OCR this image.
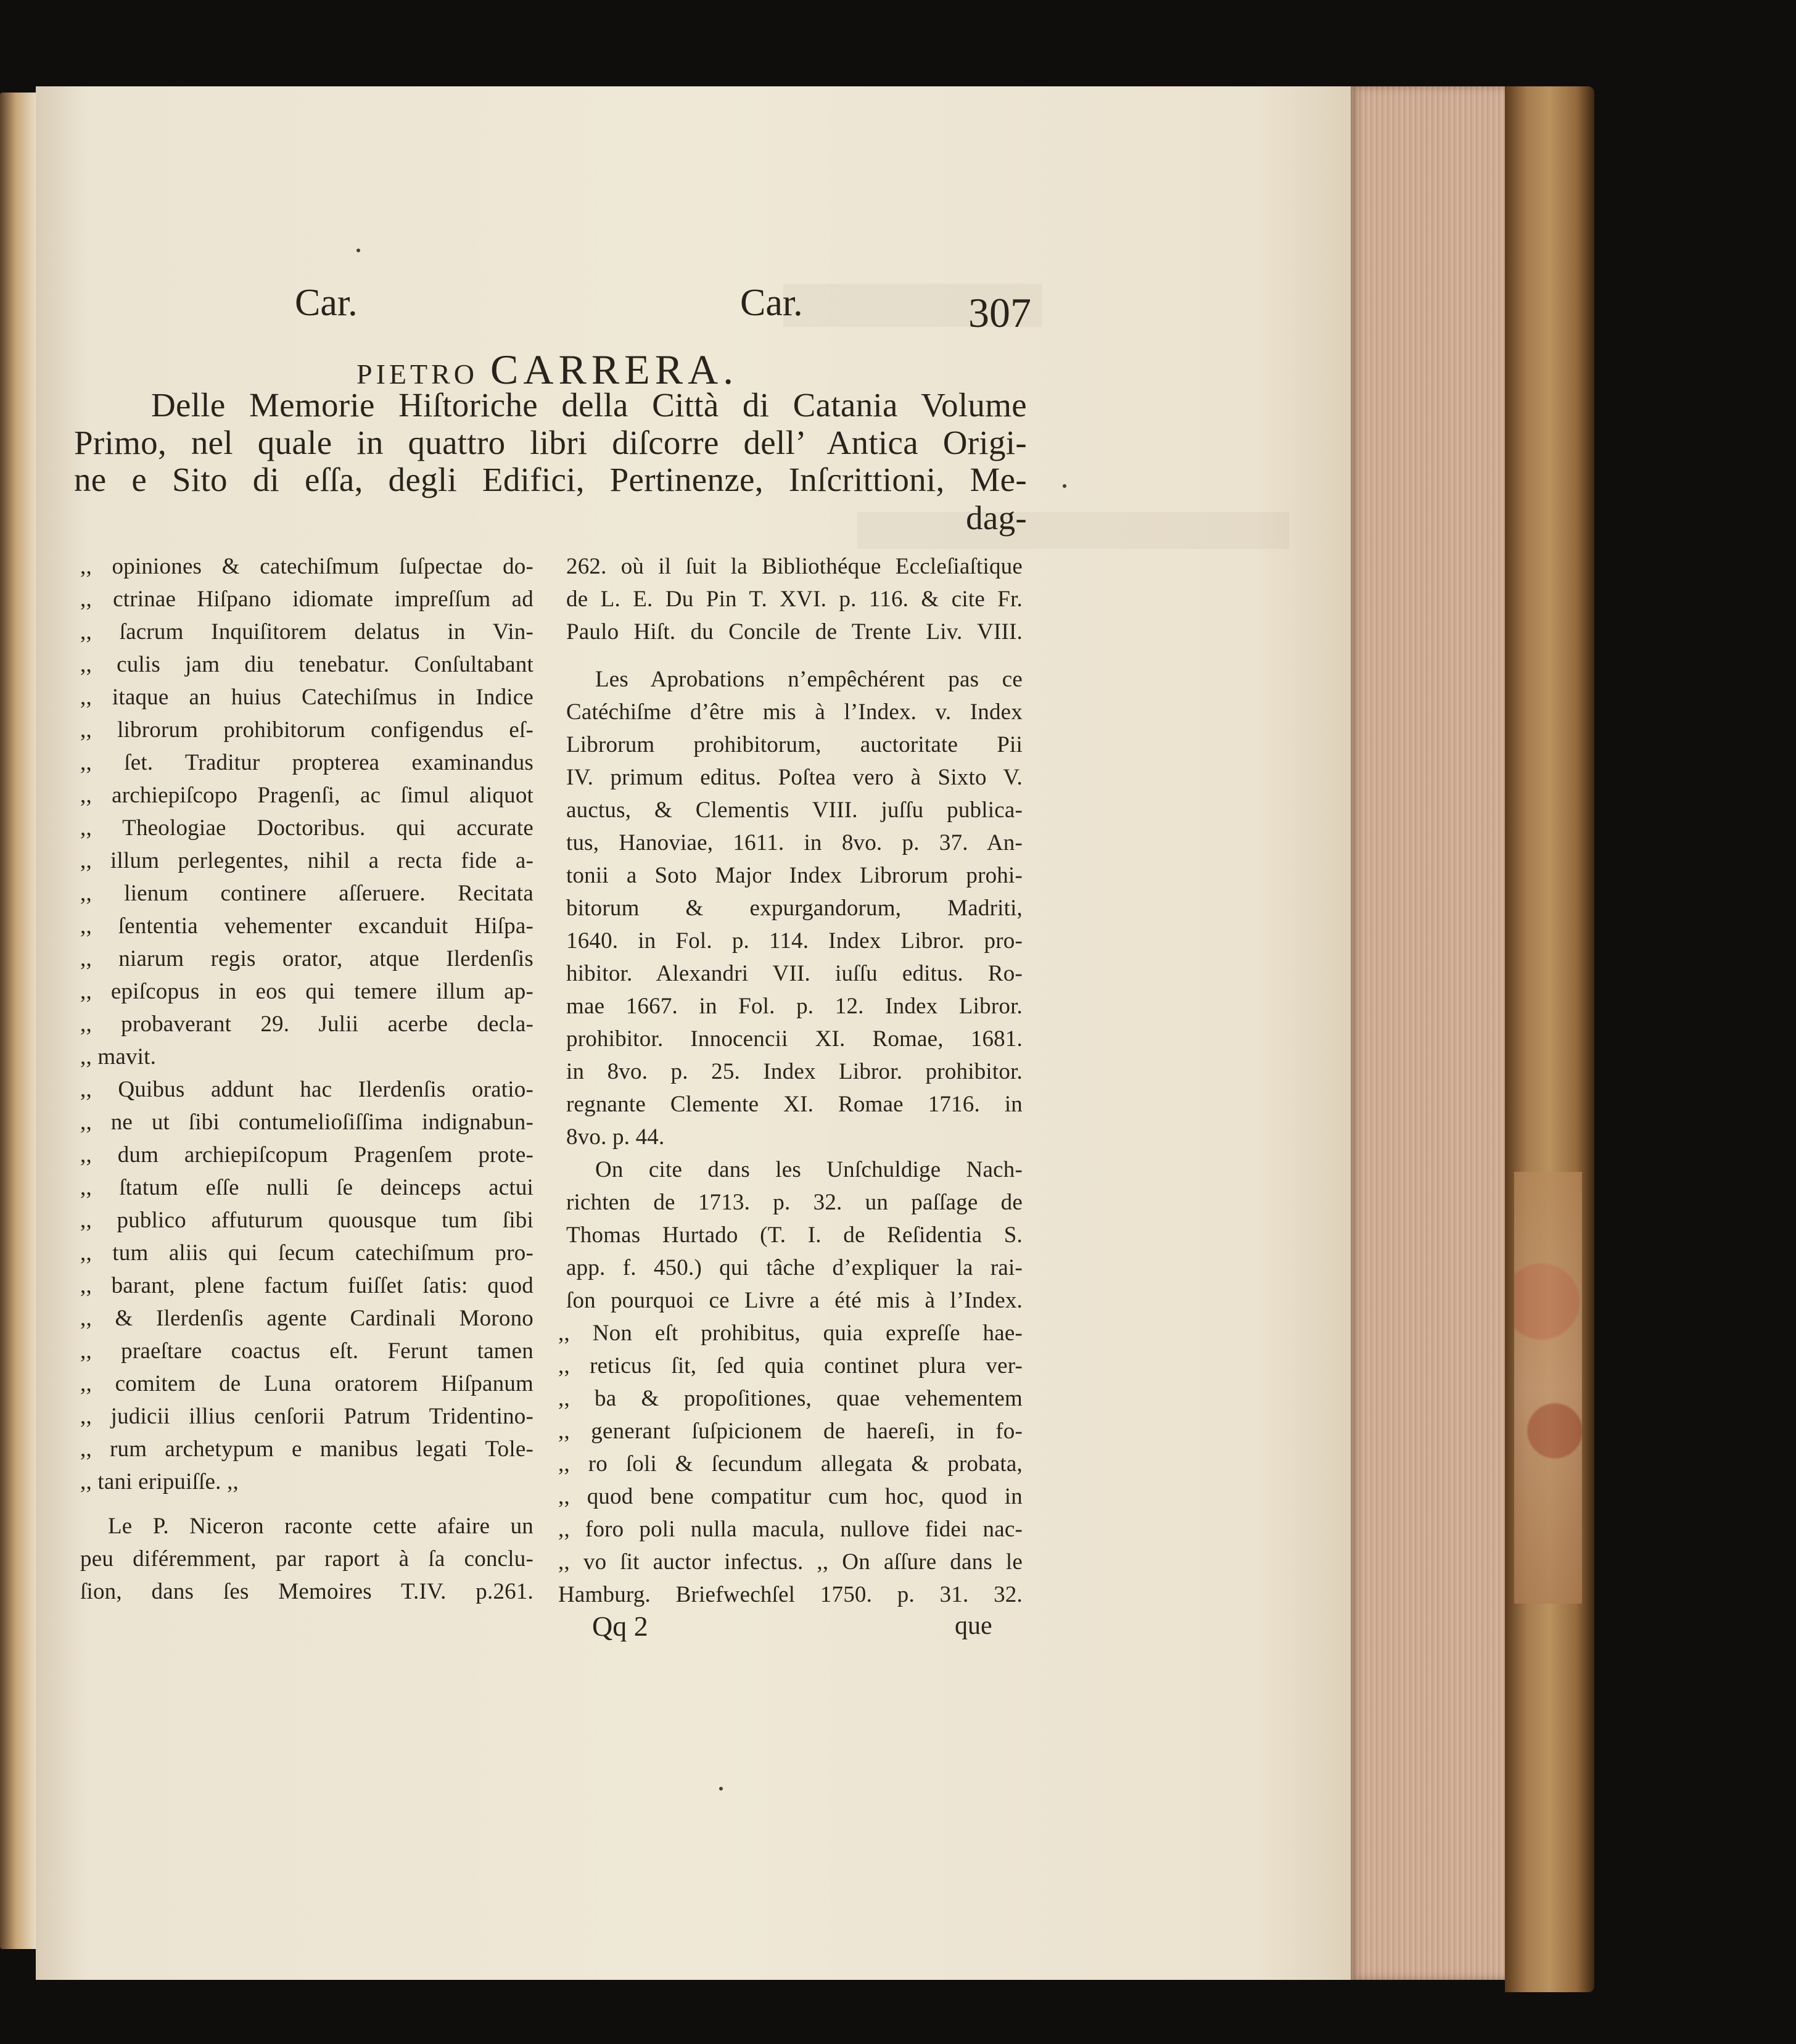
Car.	Car.	307
PIETRO CARRERA.
Delle Memorie Hiſtoriche della Città di Catania Volume
Primo, nel quale in quattro libri diſcorre dell’ Antica Origi-
ne e Sito di eſſa, degli Edifici, Pertinenze, Inſcrittioni, Me-
dag-
,, opiniones & catechiſmum ſuſpectae do-
,, ctrinae Hiſpano idiomate impreſſum ad
,, ſacrum Inquiſitorem delatus in Vin-
,, culis jam diu tenebatur. Conſultabant
,, itaque an huius Catechiſmus in Indice
,, librorum prohibitorum configendus eſ-
,, ſet. Traditur propterea examinandus
,, archiepiſcopo Pragenſi, ac ſimul aliquot
,, Theologiae Doctoribus. qui accurate
,, illum perlegentes, nihil a recta fide a-
,, lienum continere aſſeruere. Recitata
,, ſententia vehementer excanduit Hiſpa-
,, niarum regis orator, atque Ilerdenſis
,, epiſcopus in eos qui temere illum ap-
,, probaverant 29. Julii acerbe decla-
,, mavit.
,, Quibus addunt hac Ilerdenſis oratio-
,, ne ut ſibi contumelioſiſſima indignabun-
,, dum archiepiſcopum Pragenſem prote-
,, ſtatum eſſe nulli ſe deinceps actui
,, publico affuturum quousque tum ſibi
,, tum aliis qui ſecum catechiſmum pro-
,, barant, plene factum fuiſſet ſatis: quod
,, & Ilerdenſis agente Cardinali Morono
,, praeſtare coactus eſt. Ferunt tamen
,, comitem de Luna oratorem Hiſpanum
,, judicii illius cenſorii Patrum Tridentino-
,, rum archetypum e manibus legati Tole-
,, tani eripuiſſe. ,,
Le P. Niceron raconte cette afaire un
peu diféremment, par raport à ſa conclu-
ſion, dans ſes Memoires T.IV. p.261.
262. où il ſuit la Bibliothéque Eccleſiaſtique
de L. E. Du Pin T. XVI. p. 116. & cite Fr.
Paulo Hiſt. du Concile de Trente Liv. VIII.
Les Aprobations n’empêchérent pas ce
Catéchiſme d’être mis à l’Index. v. Index
Librorum prohibitorum, auctoritate Pii
IV. primum editus. Poſtea vero à Sixto V.
auctus, & Clementis VIII. juſſu publica-
tus, Hanoviae, 1611. in 8vo. p. 37. An-
tonii a Soto Major Index Librorum prohi-
bitorum & expurgandorum, Madriti,
1640. in Fol. p. 114. Index Libror. pro-
hibitor. Alexandri VII. iuſſu editus. Ro-
mae 1667. in Fol. p. 12. Index Libror.
prohibitor. Innocencii XI. Romae, 1681.
in 8vo. p. 25. Index Libror. prohibitor.
regnante Clemente XI. Romae 1716. in
8vo. p. 44.
On cite dans les Unſchuldige Nach-
richten de 1713. p. 32. un paſſage de
Thomas Hurtado (T. I. de Reſidentia S.
app. f. 450.) qui tâche d’expliquer la rai-
ſon pourquoi ce Livre a été mis à l’Index.
,, Non eſt prohibitus, quia expreſſe hae-
,, reticus ſit, ſed quia continet plura ver-
,, ba & propoſitiones, quae vehementem
,, generant ſuſpicionem de haereſi, in fo-
,, ro ſoli & ſecundum allegata & probata,
,, quod bene compatitur cum hoc, quod in
,, foro poli nulla macula, nullove fidei nac-
,, vo ſit auctor infectus. ,, On aſſure dans le
Hamburg. Briefwechſel 1750. p. 31. 32.
Qq 2	que
